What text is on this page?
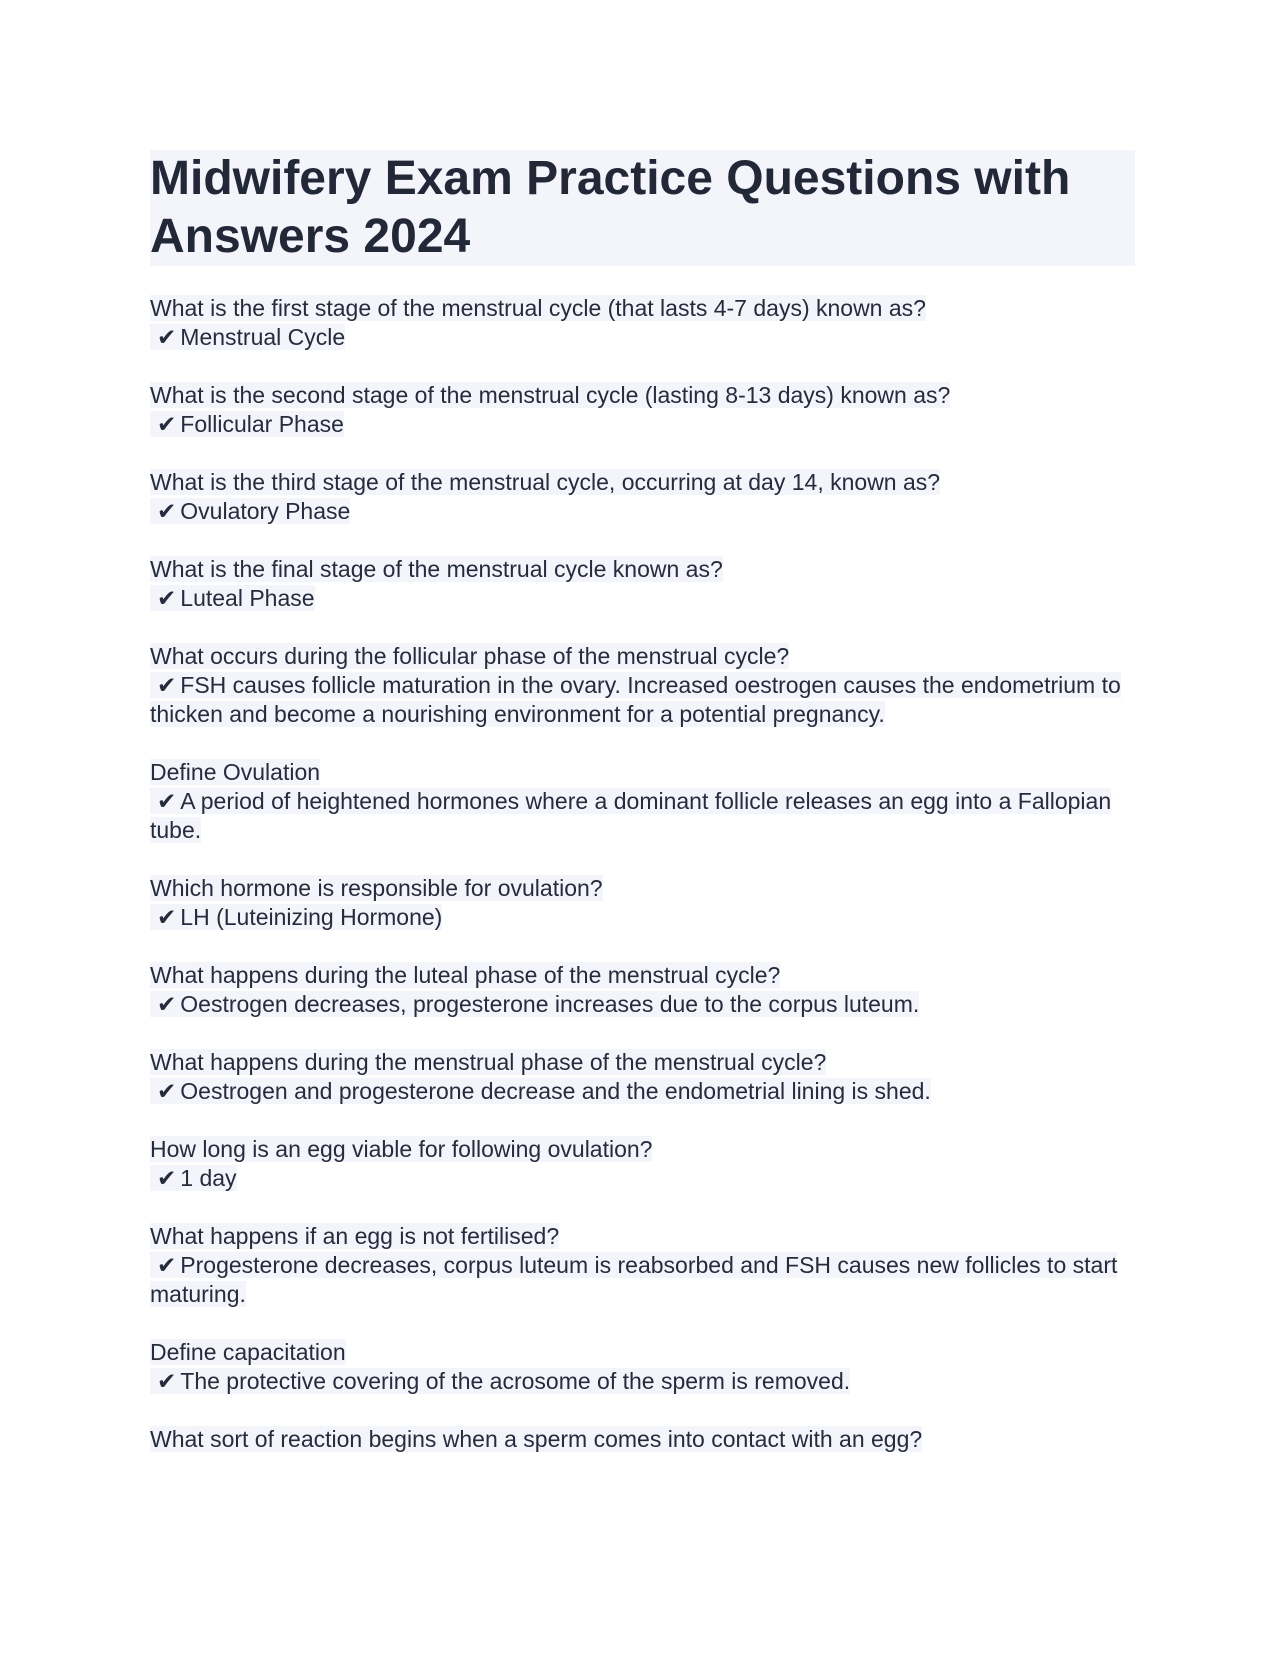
Midwifery Exam Practice Questions with Answers 2024
What is the first stage of the menstrual cycle (that lasts 4-7 days) known as?
✔ Menstrual Cycle
What is the second stage of the menstrual cycle (lasting 8-13 days) known as?
✔ Follicular Phase
What is the third stage of the menstrual cycle, occurring at day 14, known as?
✔ Ovulatory Phase
What is the final stage of the menstrual cycle known as?
✔ Luteal Phase
What occurs during the follicular phase of the menstrual cycle?
✔ FSH causes follicle maturation in the ovary. Increased oestrogen causes the endometrium to thicken and become a nourishing environment for a potential pregnancy.
Define Ovulation
✔ A period of heightened hormones where a dominant follicle releases an egg into a Fallopian tube.
Which hormone is responsible for ovulation?
✔ LH (Luteinizing Hormone)
What happens during the luteal phase of the menstrual cycle?
✔ Oestrogen decreases, progesterone increases due to the corpus luteum.
What happens during the menstrual phase of the menstrual cycle?
✔ Oestrogen and progesterone decrease and the endometrial lining is shed.
How long is an egg viable for following ovulation?
✔ 1 day
What happens if an egg is not fertilised?
✔ Progesterone decreases, corpus luteum is reabsorbed and FSH causes new follicles to start maturing.
Define capacitation
✔ The protective covering of the acrosome of the sperm is removed.
What sort of reaction begins when a sperm comes into contact with an egg?
